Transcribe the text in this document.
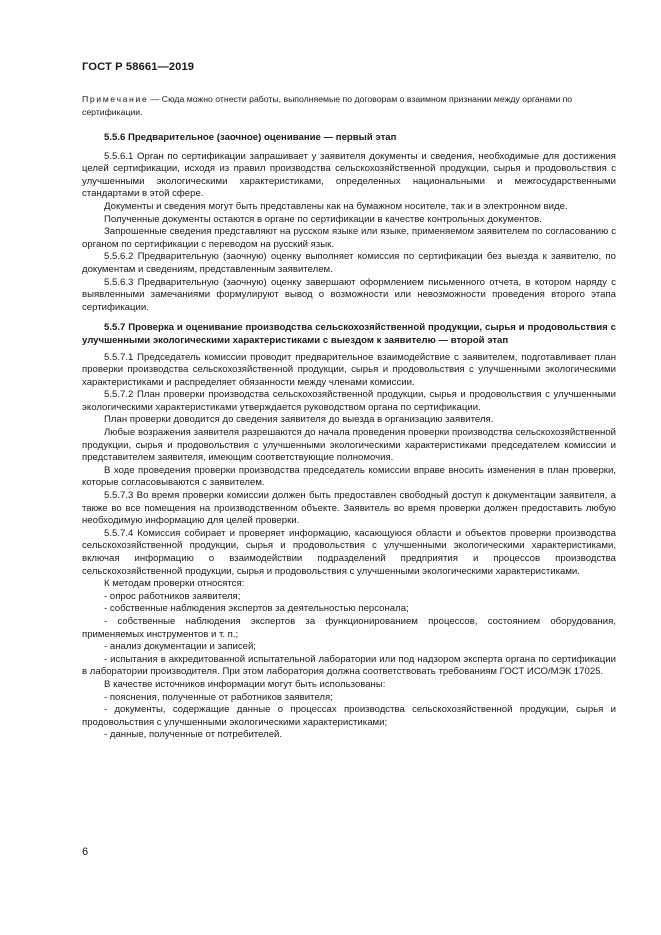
ГОСТ Р 58661—2019
Примечание — Сюда можно отнести работы, выполняемые по договорам о взаимном признании между органами по сертификации.

5.5.6 Предварительное (заочное) оценивание — первый этап

5.5.6.1 Орган по сертификации запрашивает у заявителя документы и сведения, необходимые для достижения целей сертификации, исходя из правил производства сельскохозяйственной продукции, сырья и продовольствия с улучшенными экологическими характеристиками, определенных национальными и межгосударственными стандартами в этой сфере.

Документы и сведения могут быть представлены как на бумажном носителе, так и в электронном виде.

Полученные документы остаются в органе по сертификации в качестве контрольных документов.

Запрошенные сведения представляют на русском языке или языке, применяемом заявителем по согласованию с органом по сертификации с переводом на русский язык.

5.5.6.2 Предварительную (заочную) оценку выполняет комиссия по сертификации без выезда к заявителю, по документам и сведениям, представленным заявителем.

5.5.6.3 Предварительную (заочную) оценку завершают оформлением письменного отчета, в котором наряду с выявленными замечаниями формулируют вывод о возможности или невозможности проведения второго этапа сертификации.

5.5.7 Проверка и оценивание производства сельскохозяйственной продукции, сырья и продовольствия с улучшенными экологическими характеристиками с выездом к заявителю — второй этап

5.5.7.1 Председатель комиссии проводит предварительное взаимодействие с заявителем, подготавливает план проверки производства сельскохозяйственной продукции, сырья и продовольствия с улучшенными экологическими характеристиками и распределяет обязанности между членами комиссии.

5.5.7.2 План проверки производства сельскохозяйственной продукции, сырья и продовольствия с улучшенными экологическими характеристиками утверждается руководством органа по сертификации.

План проверки доводится до сведения заявителя до выезда в организацию заявителя.

Любые возражения заявителя разрешаются до начала проведения проверки производства сельскохозяйственной продукции, сырья и продовольствия с улучшенными экологическими характеристиками председателем комиссии и представителем заявителя, имеющим соответствующие полномочия.

В ходе проведения проверки производства председатель комиссии вправе вносить изменения в план проверки, которые согласовываются с заявителем.

5.5.7.3 Во время проверки комиссии должен быть предоставлен свободный доступ к документации заявителя, а также во все помещения на производственном объекте. Заявитель во время проверки должен предоставить любую необходимую информацию для целей проверки.

5.5.7.4 Комиссия собирает и проверяет информацию, касающуюся области и объектов проверки производства сельскохозяйственной продукции, сырья и продовольствия с улучшенными экологическими характеристиками, включая информацию о взаимодействии подразделений предприятия и процессов производства сельскохозяйственной продукции, сырья и продовольствия с улучшенными экологическими характеристиками.

К методам проверки относятся:

- опрос работников заявителя;

- собственные наблюдения экспертов за деятельностью персонала;

- собственные наблюдения экспертов за функционированием процессов, состоянием оборудования, применяемых инструментов и т. п.;

- анализ документации и записей;

- испытания в аккредитованной испытательной лаборатории или под надзором эксперта органа по сертификации в лаборатории производителя. При этом лаборатория должна соответствовать требованиям ГОСТ ИСО/МЭК 17025.

В качестве источников информации могут быть использованы:

- пояснения, полученные от работников заявителя;

- документы, содержащие данные о процессах производства сельскохозяйственной продукции, сырья и продовольствия с улучшенными экологическими характеристиками;

- данные, полученные от потребителей.

6
